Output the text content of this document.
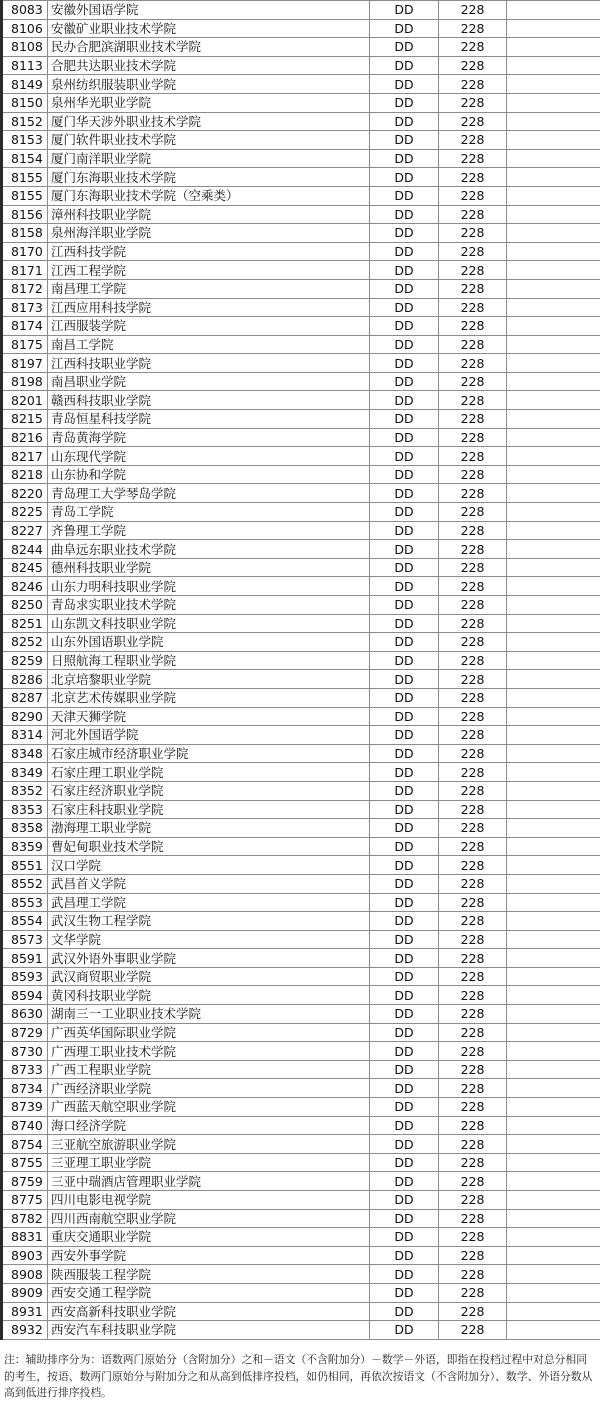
8083	安徽外国语学院	DD	228	
8106	安徽矿业职业技术学院	DD	228	
8108	民办合肥滨湖职业技术学院	DD	228	
8113	合肥共达职业技术学院	DD	228	
8149	泉州纺织服装职业学院	DD	228	
8150	泉州华光职业学院	DD	228	
8152	厦门华天涉外职业技术学院	DD	228	
8153	厦门软件职业技术学院	DD	228	
8154	厦门南洋职业学院	DD	228	
8155	厦门东海职业技术学院	DD	228	
8155	厦门东海职业技术学院（空乘类）	DD	228	
8156	漳州科技职业学院	DD	228	
8158	泉州海洋职业学院	DD	228	
8170	江西科技学院	DD	228	
8171	江西工程学院	DD	228	
8172	南昌理工学院	DD	228	
8173	江西应用科技学院	DD	228	
8174	江西服装学院	DD	228	
8175	南昌工学院	DD	228	
8197	江西科技职业学院	DD	228	
8198	南昌职业学院	DD	228	
8201	赣西科技职业学院	DD	228	
8215	青岛恒星科技学院	DD	228	
8216	青岛黄海学院	DD	228	
8217	山东现代学院	DD	228	
8218	山东协和学院	DD	228	
8220	青岛理工大学琴岛学院	DD	228	
8225	青岛工学院	DD	228	
8227	齐鲁理工学院	DD	228	
8244	曲阜远东职业技术学院	DD	228	
8245	德州科技职业学院	DD	228	
8246	山东力明科技职业学院	DD	228	
8250	青岛求实职业技术学院	DD	228	
8251	山东凯文科技职业学院	DD	228	
8252	山东外国语职业学院	DD	228	
8259	日照航海工程职业学院	DD	228	
8286	北京培黎职业学院	DD	228	
8287	北京艺术传媒职业学院	DD	228	
8290	天津天狮学院	DD	228	
8314	河北外国语学院	DD	228	
8348	石家庄城市经济职业学院	DD	228	
8349	石家庄理工职业学院	DD	228	
8352	石家庄经济职业学院	DD	228	
8353	石家庄科技职业学院	DD	228	
8358	渤海理工职业学院	DD	228	
8359	曹妃甸职业技术学院	DD	228	
8551	汉口学院	DD	228	
8552	武昌首义学院	DD	228	
8553	武昌理工学院	DD	228	
8554	武汉生物工程学院	DD	228	
8573	文华学院	DD	228	
8591	武汉外语外事职业学院	DD	228	
8593	武汉商贸职业学院	DD	228	
8594	黄冈科技职业学院	DD	228	
8630	湖南三一工业职业技术学院	DD	228	
8729	广西英华国际职业学院	DD	228	
8730	广西理工职业技术学院	DD	228	
8733	广西工程职业学院	DD	228	
8734	广西经济职业学院	DD	228	
8739	广西蓝天航空职业学院	DD	228	
8740	海口经济学院	DD	228	
8754	三亚航空旅游职业学院	DD	228	
8755	三亚理工职业学院	DD	228	
8759	三亚中瑞酒店管理职业学院	DD	228	
8775	四川电影电视学院	DD	228	
8782	四川西南航空职业学院	DD	228	
8831	重庆交通职业学院	DD	228	
8903	西安外事学院	DD	228	
8908	陕西服装工程学院	DD	228	
8909	西安交通工程学院	DD	228	
8931	西安高新科技职业学院	DD	228	
8932	西安汽车科技职业学院	DD	228	
注：辅助排序分为：语数两门原始分（含附加分）之和－语文（不含附加分）－数学－外语，即指在投档过程中对总分相同的考生，按语、数两门原始分与附加分之和从高到低排序投档，如仍相同，再依次按语文（不含附加分）、数学、外语分数从高到低进行排序投档。
